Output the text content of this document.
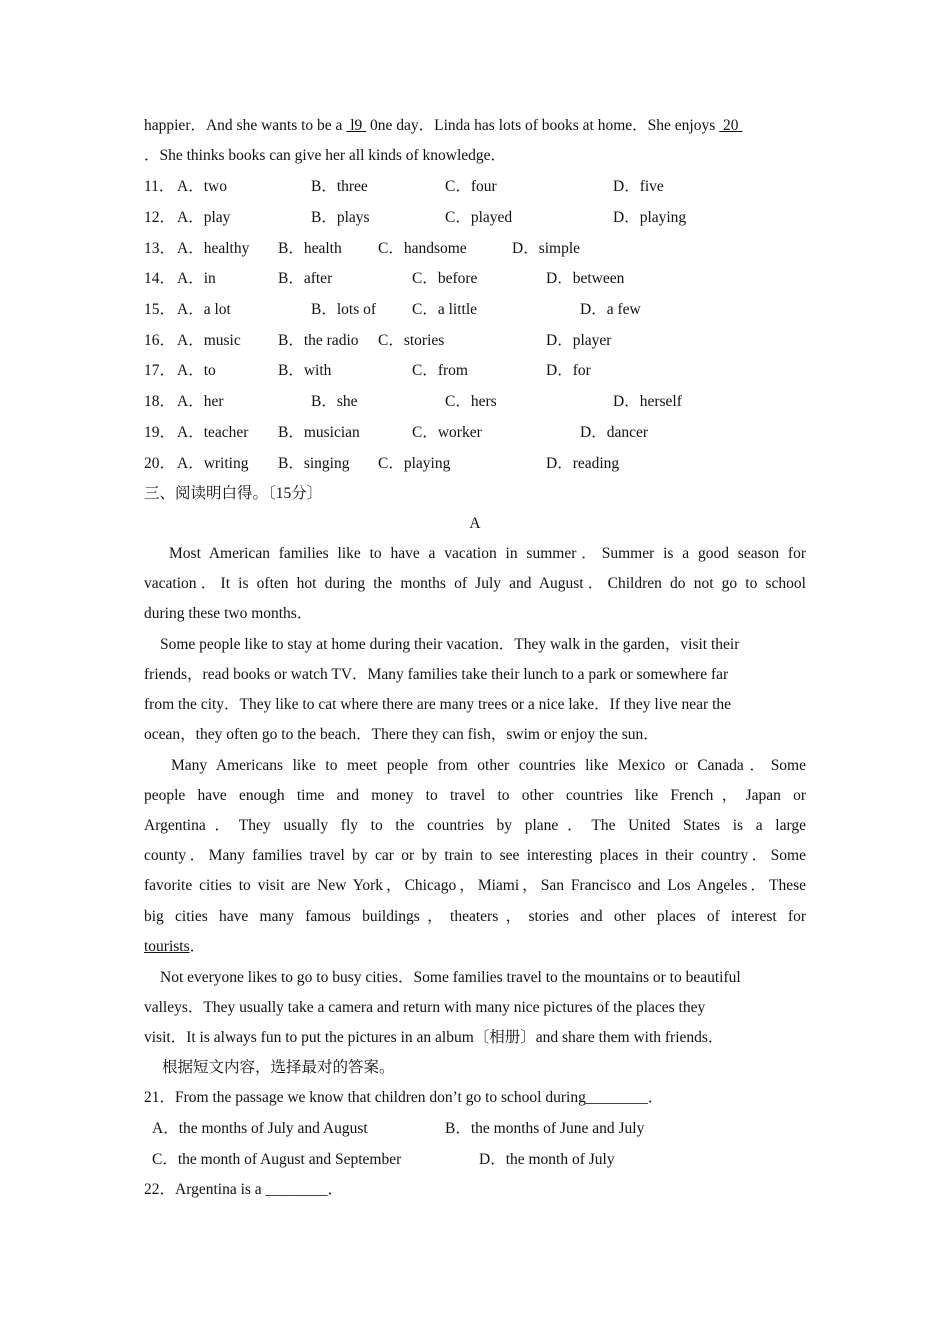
happier．And she wants to be a  l9  0ne day．Linda has lots of books at home．She enjoys  20
．She thinks books can give her all kinds of knowledge．
11． A．two	B．three	C．four	D．five
12． A．play	B．plays	C．played	D．playing
13． A．healthy B．health C．handsome	D．simple
14． A．in	B．after	C．before	D．between
15． A．a lot	B．lots of C．a little	D．a few
16． A．music B．the radio C．stories	D．player
17． A．to	B．with	C．from	D．for
18． A．her	B．she	C．hers	D．herself
19． A．teacher B．musician	C．worker	D．dancer
20． A．writing B．singing C．playing	D．reading
三、阅读明白得。〔15分〕
A
Most American families like to have a vacation in summer．Summer is a good season for
vacation．It is often hot during the months of July and August．Children do not go to school
during these two months．
Some people like to stay at home during their vacation．They walk in the garden，visit their
friends，read books or watch TV．Many families take their lunch to a park or somewhere far
from the city．They like to cat where there are many trees or a nice lake．If they live near the
ocean，they often go to the beach．There they can fish，swim or enjoy the sun．
Many Americans like to meet people from other countries like Mexico or Canada．Some
people have enough time and money to travel to other countries like French，Japan or
Argentina．They usually fly to the countries by plane．The United States is a large
county．Many families travel by car or by train to see interesting places in their country．Some
favorite cities to visit are New York，Chicago，Miami，San Francisco and Los Angeles．These
big cities have many famous buildings，theaters，stories and other places of interest for
tourists．
Not everyone likes to go to busy cities．Some families travel to the mountains or to beautiful
valleys．They usually take a camera and return with many nice pictures of the places they
visit．It is always fun to put the pictures in an album〔相册〕and share them with friends．
根据短文内容，选择最对的答案。
21．From the passage we know that children don’t go to school during________．
A．the months of July and August	B．the months of June and July
C．the month of August and September	D．the month of July
22．Argentina is a ________．
